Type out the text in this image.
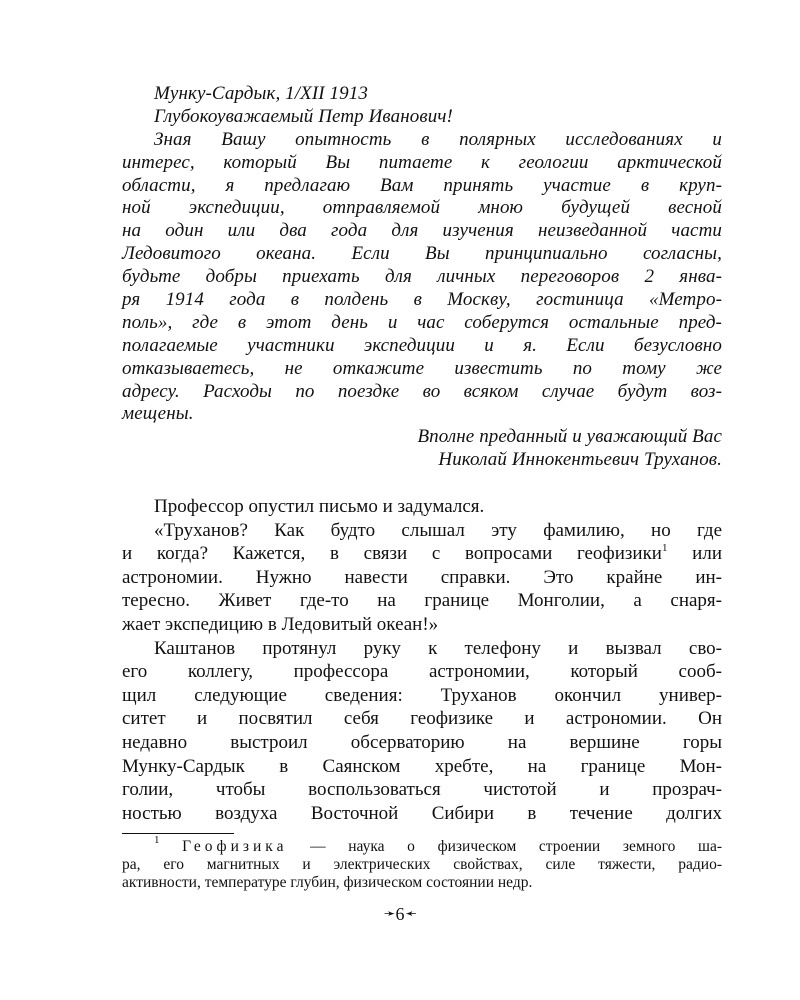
Мунку-Сардык, 1/XII 1913
Глубокоуважаемый Петр Иванович!
Зная Вашу опытность в полярных исследованиях и
интерес, который Вы питаете к геологии арктической
области, я предлагаю Вам принять участие в круп-
ной экспедиции, отправляемой мною будущей весной
на один или два года для изучения неизведанной части
Ледовитого океана. Если Вы принципиально согласны,
будьте добры приехать для личных переговоров 2 янва-
ря 1914 года в полдень в Москву, гостиница «Метро-
поль», где в этот день и час соберутся остальные пред-
полагаемые участники экспедиции и я. Если безусловно
отказываетесь, не откажите известить по тому же
адресу. Расходы по поездке во всяком случае будут воз-
мещены.
Вполне преданный и уважающий Вас
Николай Иннокентьевич Труханов.
Профессор опустил письмо и задумался.
«Труханов? Как будто слышал эту фамилию, но где
и когда? Кажется, в связи с вопросами геофизики$^1$ или
астрономии. Нужно навести справки. Это крайне ин-
тересно. Живет где-то на границе Монголии, а снаря-
жает экспедицию в Ледовитый океан!»
Каштанов протянул руку к телефону и вызвал сво-
его коллегу, профессора астрономии, который сооб-
щил следующие сведения: Труханов окончил универ-
ситет и посвятил себя геофизике и астрономии. Он
недавно выстроил обсерваторию на вершине горы
Мунку-Сардык в Саянском хребте, на границе Мон-
голии, чтобы воспользоваться чистотой и прозрач-
ностью воздуха Восточной Сибири в течение долгих
$^1$ Геофизика — наука о физическом строении земного ша-
ра, его магнитных и электрических свойствах, силе тяжести, радио-
активности, температуре глубин, физическом состоянии недр.
➛6➛
